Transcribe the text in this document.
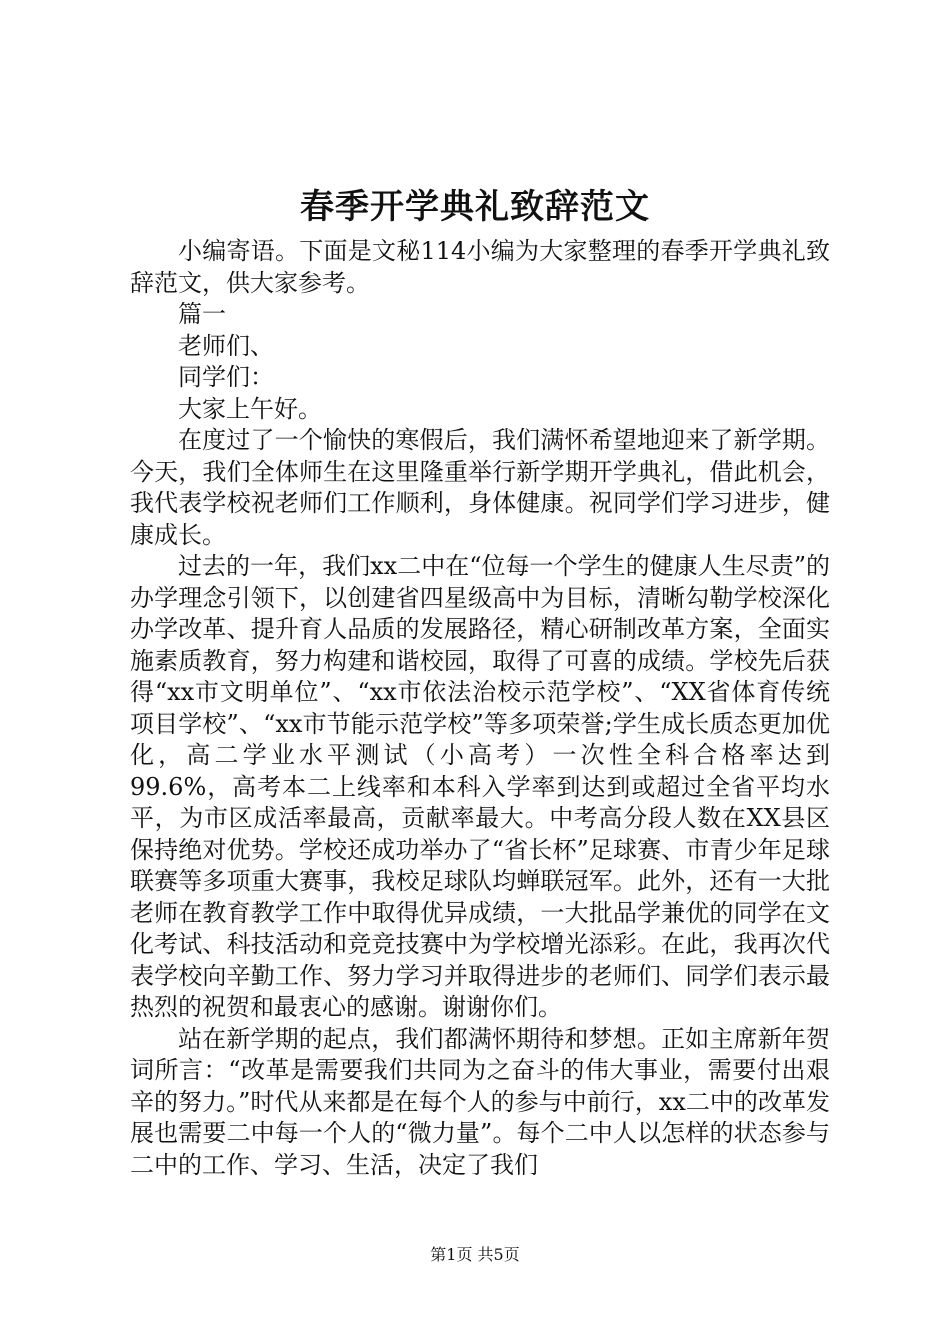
春季开学典礼致辞范文

小编寄语。下面是文秘114小编为大家整理的春季开学典礼致辞范文，供大家参考。

篇一

老师们、

同学们：

大家上午好。

在度过了一个愉快的寒假后，我们满怀希望地迎来了新学期。今天，我们全体师生在这里隆重举行新学期开学典礼，借此机会，我代表学校祝老师们工作顺利，身体健康。祝同学们学习进步，健康成长。

过去的一年，我们xx二中在“位每一个学生的健康人生尽责”的办学理念引领下，以创建省四星级高中为目标，清晰勾勒学校深化办学改革、提升育人品质的发展路径，精心研制改革方案，全面实施素质教育，努力构建和谐校园，取得了可喜的成绩。学校先后获得“xx市文明单位”、“xx市依法治校示范学校”、“XX省体育传统项目学校”、“xx市节能示范学校”等多项荣誉;学生成长质态更加优化，高二学业水平测试（小高考）一次性全科合格率达到99.6%，高考本二上线率和本科入学率到达到或超过全省平均水平，为市区成活率最高，贡献率最大。中考高分段人数在XX县区保持绝对优势。学校还成功举办了“省长杯”足球赛、市青少年足球联赛等多项重大赛事，我校足球队均蝉联冠军。此外，还有一大批老师在教育教学工作中取得优异成绩，一大批品学兼优的同学在文化考试、科技活动和竞竞技赛中为学校增光添彩。在此，我再次代表学校向辛勤工作、努力学习并取得进步的老师们、同学们表示最热烈的祝贺和最衷心的感谢。谢谢你们。

站在新学期的起点，我们都满怀期待和梦想。正如主席新年贺词所言：“改革是需要我们共同为之奋斗的伟大事业，需要付出艰辛的努力。”时代从来都是在每个人的参与中前行，xx二中的改革发展也需要二中每一个人的“微力量”。每个二中人以怎样的状态参与二中的工作、学习、生活，决定了我们

第1页 共5页
